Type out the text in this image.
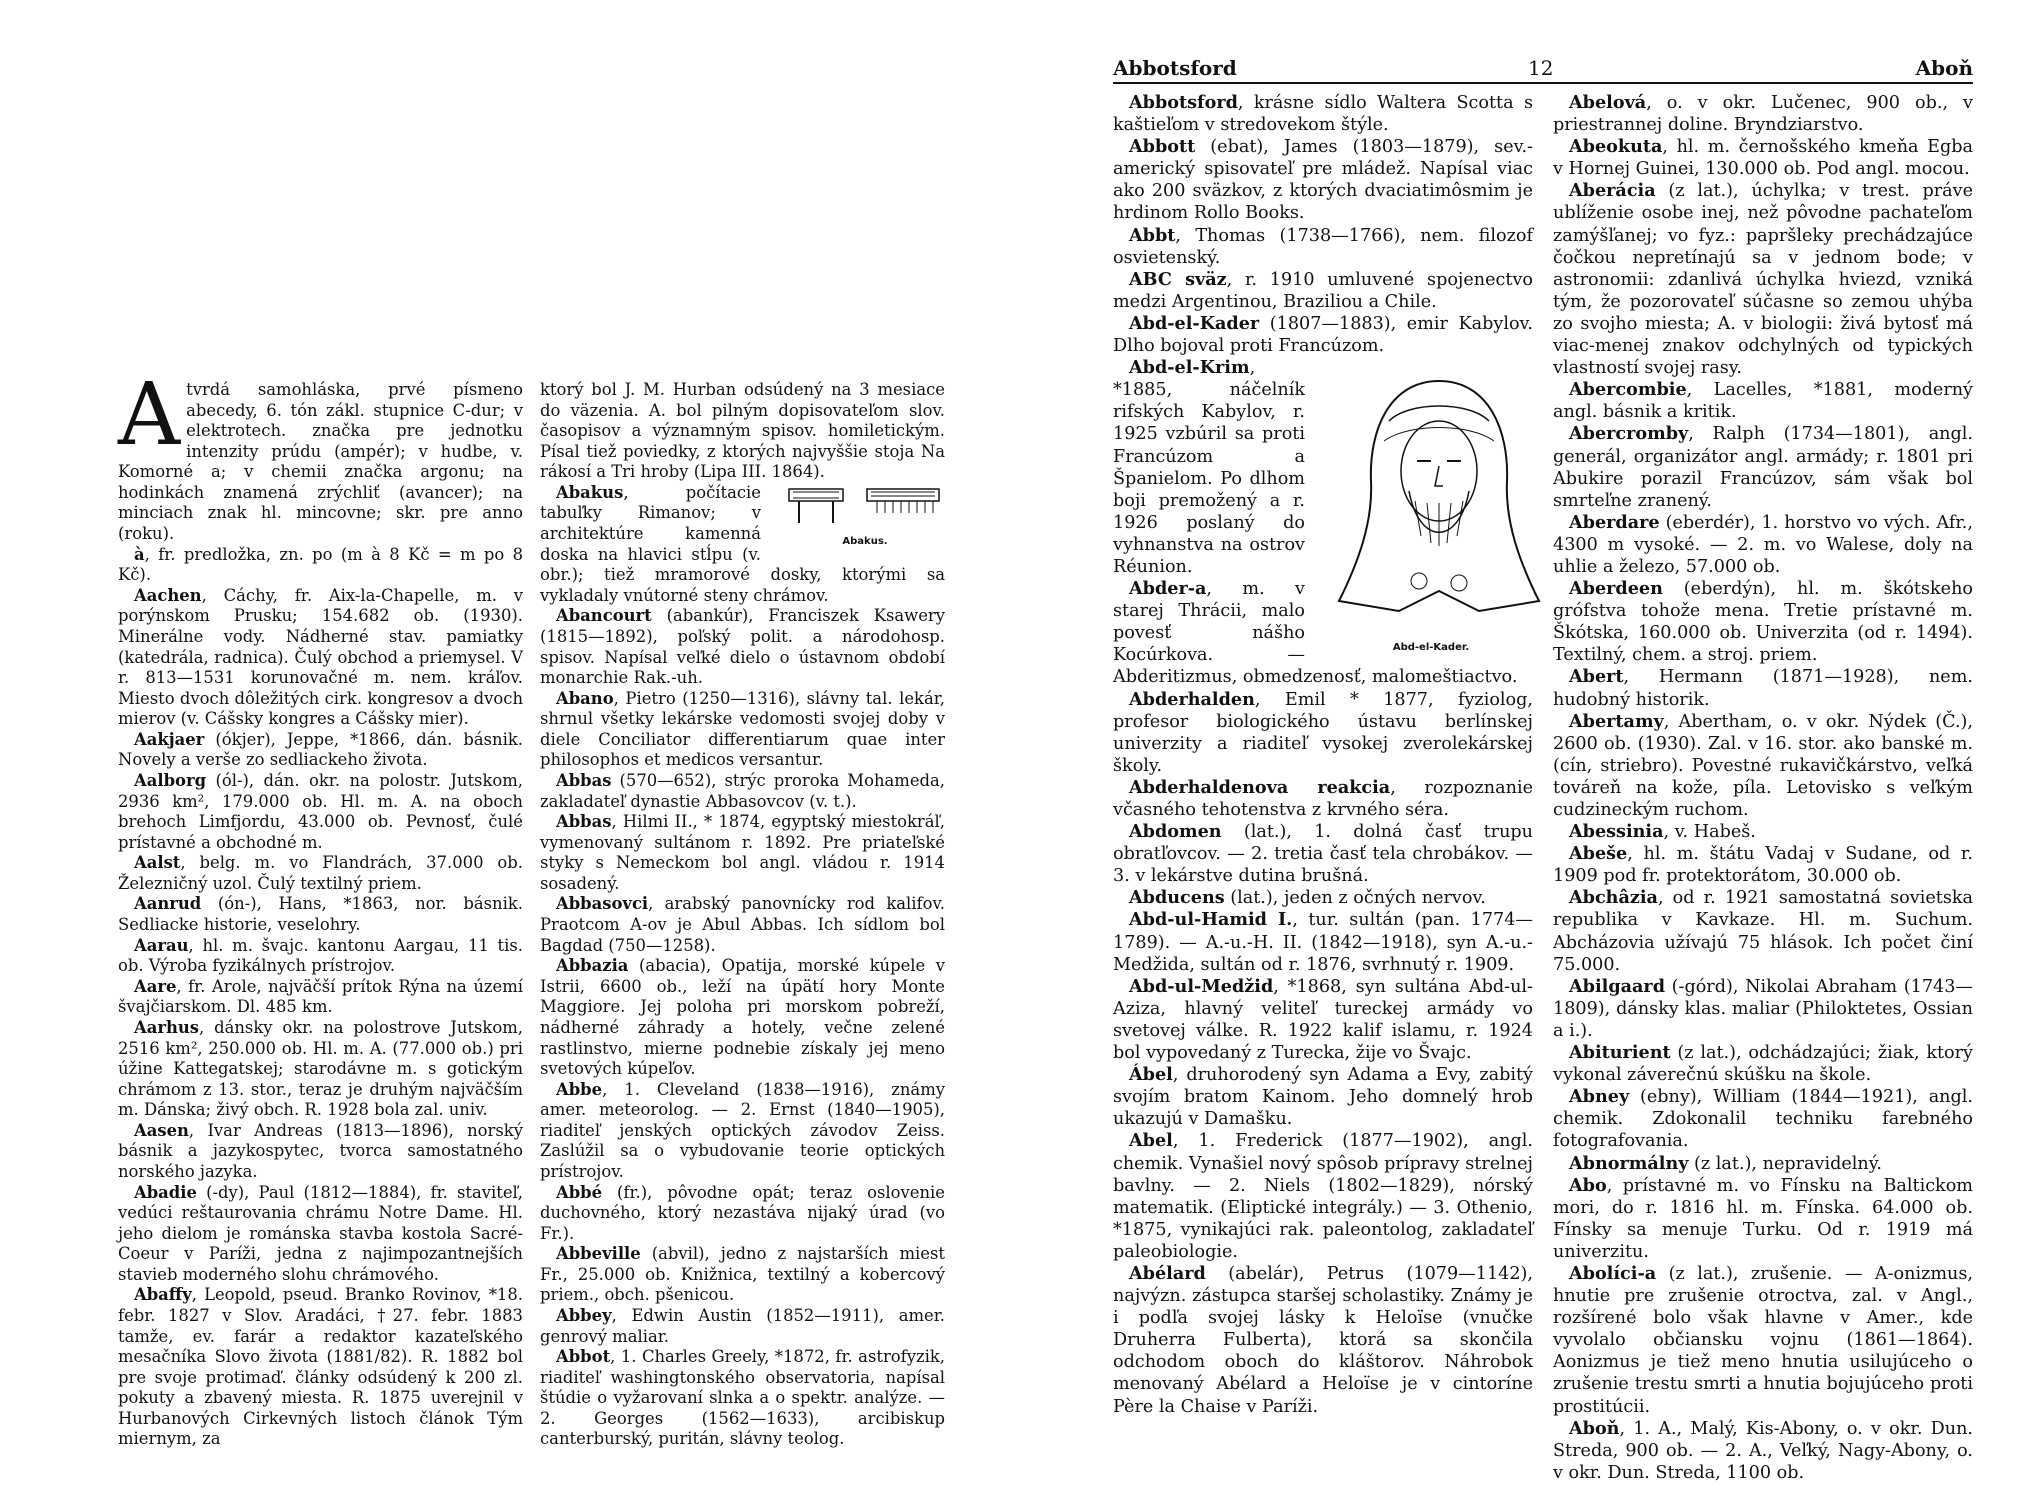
A tvrdá samohláska, prvé písmeno abecedy, 6. tón zákl. stupnice C-dur; v elektrotech. značka pre jednotku intenzity prúdu (ampér); v hudbe, v. Komorné a; v chemii značka argonu; na hodinkách znamená zrýchliť (avancer); na minciach znak hl. mincovne; skr. pre anno (roku).

à, fr. predložka, zn. po (m à 8 Kč = m po 8 Kč).

Aachen, Cáchy, fr. Aix-la-Chapelle, m. v porýnskom Prusku; 154.682 ob. (1930). Minerálne vody. Nádherné stav. pamiatky (katedrála, radnica). Čulý obchod a priemysel. V r. 813—1531 korunovačné m. nem. kráľov. Miesto dvoch dôležitých cirk. kongresov a dvoch mierov (v. Cášsky kongres a Cášsky mier).

Aakjaer (ókjer), Jeppe, *1866, dán. básnik. Novely a verše zo sedliackeho života.

Aalborg (ól-), dán. okr. na polostr. Jutskom, 2936 km², 179.000 ob. Hl. m. A. na oboch brehoch Limfjordu, 43.000 ob. Pevnosť, čulé prístavné a obchodné m.

Aalst, belg. m. vo Flandrách, 37.000 ob. Železničný uzol. Čulý textilný priem.

Aanrud (ón-), Hans, *1863, nor. básnik. Sedliacke historie, veselohry.

Aarau, hl. m. švajc. kantonu Aargau, 11 tis. ob. Výroba fyzikálnych prístrojov.

Aare, fr. Arole, najväčší prítok Rýna na území švajčiarskom. Dl. 485 km.

Aarhus, dánsky okr. na polostrove Jutskom, 2516 km², 250.000 ob. Hl. m. A. (77.000 ob.) pri úžine Kattegatskej; starodávne m. s gotickým chrámom z 13. stor., teraz je druhým najväčším m. Dánska; živý obch. R. 1928 bola zal. univ.

Aasen, Ivar Andreas (1813—1896), norský básnik a jazykospytec, tvorca samostatného norského jazyka.

Abadie (-dy), Paul (1812—1884), fr. staviteľ, vedúci reštaurovania chrámu Notre Dame. Hl. jeho dielom je románska stavba kostola Sacré-Coeur v Paríži, jedna z najimpozantnejších stavieb moderného slohu chrámového.

Abaffy, Leopold, pseud. Branko Rovinov, *18. febr. 1827 v Slov. Aradáci, †27. febr. 1883 tamže, ev. farár a redaktor kazateľského mesačníka Slovo života (1881/82). R. 1882 bol pre svoje protimaď. články odsúdený k 200 zl. pokuty a zbavený miesta. R. 1875 uverejnil v Hurbanových Cirkevných listoch článok Tým miernym, za

ktorý bol J. M. Hurban odsúdený na 3 mesiace do väzenia. A. bol pilným dopisovateľom slov. časopisov a významným spisov. homiletickým. Písal tiež poviedky, z ktorých najvyššie stoja Na rákosí a Tri hroby (Lipa III. 1864).

Abakus.
Abakus, počítacie tabuľky Rimanov; v architektúre kamenná doska na hlavici stĺpu (v. obr.); tiež mramorové dosky, ktorými sa vykladaly vnútorné steny chrámov.

Abancourt (abankúr), Franciszek Ksawery (1815—1892), poľský polit. a národohosp. spisov. Napísal veľké dielo o ústavnom období monarchie Rak.-uh.

Abano, Pietro (1250—1316), slávny tal. lekár, shrnul všetky lekárske vedomosti svojej doby v diele Conciliator differentiarum quae inter philosophos et medicos versantur.

Abbas (570—652), strýc proroka Mohameda, zakladateľ dynastie Abbasovcov (v. t.).

Abbas, Hilmi II., * 1874, egyptský miestokráľ, vymenovaný sultánom r. 1892. Pre priateľské styky s Nemeckom bol angl. vládou r. 1914 sosadený.

Abbasovci, arabský panovnícky rod kalifov. Praotcom A-ov je Abul Abbas. Ich sídlom bol Bagdad (750—1258).

Abbazia (abacia), Opatija, morské kúpele v Istrii, 6600 ob., leží na úpätí hory Monte Maggiore. Jej poloha pri morskom pobreží, nádherné záhrady a hotely, večne zelené rastlinstvo, mierne podnebie získaly jej meno svetových kúpeľov.

Abbe, 1. Cleveland (1838—1916), známy amer. meteorolog. — 2. Ernst (1840—1905), riaditeľ jenských optických závodov Zeiss. Zaslúžil sa o vybudovanie teorie optických prístrojov.

Abbé (fr.), pôvodne opát; teraz oslovenie duchovného, ktorý nezastáva nijaký úrad (vo Fr.).

Abbeville (abvil), jedno z najstarších miest Fr., 25.000 ob. Knižnica, textilný a kobercový priem., obch. pšenicou.

Abbey, Edwin Austin (1852—1911), amer. genrový maliar.

Abbot, 1. Charles Greely, *1872, fr. astrofyzik, riaditeľ washingtonského observatoria, napísal štúdie o vyžarovaní slnka a o spektr. analýze. — 2. Georges (1562—1633), arcibiskup canterburský, puritán, slávny teolog.

Abbotsford	12	Aboň

Abbotsford, krásne sídlo Waltera Scotta s kaštieľom v stredovekom štýle.

Abbott (ebat), James (1803—1879), sev.-americký spisovateľ pre mládež. Napísal viac ako 200 sväzkov, z ktorých dvaciatimôsmim je hrdinom Rollo Books.

Abbt, Thomas (1738—1766), nem. filozof osvietenský.

ABC sväz, r. 1910 umluvené spojenectvo medzi Argentinou, Braziliou a Chile.

Abd-el-Kader (1807—1883), emir Kabylov. Dlho bojoval proti Francúzom.

Abd-el-Kader.
Abd-el-Krim, *1885, náčelník rifských Kabylov, r. 1925 vzbúril sa proti Francúzom a Španielom. Po dlhom boji premožený a r. 1926 poslaný do vyhnanstva na ostrov Réunion.

Abder-a, m. v starej Thrácii, malo povesť nášho Kocúrkova. — Abderitizmus, obmedzenosť, malomeštiactvo.

Abderhalden, Emil * 1877, fyziolog, profesor biologického ústavu berlínskej univerzity a riaditeľ vysokej zverolekárskej školy.

Abderhaldenova reakcia, rozpoznanie včasného tehotenstva z krvného séra.

Abdomen (lat.), 1. dolná časť trupu obratľovcov. — 2. tretia časť tela chrobákov. — 3. v lekárstve dutina brušná.

Abducens (lat.), jeden z očných nervov.

Abd-ul-Hamid I., tur. sultán (pan. 1774—1789). — A.-u.-H. II. (1842—1918), syn A.-u.-Medžida, sultán od r. 1876, svrhnutý r. 1909.

Abd-ul-Medžid, *1868, syn sultána Abd-ul-Aziza, hlavný veliteľ tureckej armády vo svetovej válke. R. 1922 kalif islamu, r. 1924 bol vypovedaný z Turecka, žije vo Švajc.

Ábel, druhorodený syn Adama a Evy, zabitý svojím bratom Kainom. Jeho domnelý hrob ukazujú v Damašku.

Abel, 1. Frederick (1877—1902), angl. chemik. Vynašiel nový spôsob prípravy strelnej bavlny. — 2. Niels (1802—1829), nórský matematik. (Eliptické integrály.) — 3. Othenio, *1875, vynikajúci rak. paleontolog, zakladateľ paleobiologie.

Abélard (abelár), Petrus (1079—1142), najvýzn. zástupca staršej scholastiky. Známy je i podľa svojej lásky k Heloïse (vnučke Druherra Fulberta), ktorá sa skončila odchodom oboch do kláštorov. Náhrobok menovaný Abélard a Heloïse je v cintoríne Père la Chaise v Paríži.

Abelová, o. v okr. Lučenec, 900 ob., v priestrannej doline. Bryndziarstvo.

Abeokuta, hl. m. černošského kmeňa Egba v Hornej Guinei, 130.000 ob. Pod angl. mocou.

Aberácia (z lat.), úchylka; v trest. práve ublíženie osobe inej, než pôvodne pachateľom zamýšľanej; vo fyz.: papršleky prechádzajúce čočkou nepretínajú sa v jednom bode; v astronomii: zdanlivá úchylka hviezd, vzniká tým, že pozorovateľ súčasne so zemou uhýba zo svojho miesta; A. v biologii: živá bytosť má viac-menej znakov odchylných od typických vlastností svojej rasy.

Abercombie, Lacelles, *1881, moderný angl. básnik a kritik.

Abercromby, Ralph (1734—1801), angl. generál, organizátor angl. armády; r. 1801 pri Abukire porazil Francúzov, sám však bol smrteľne zranený.

Aberdare (eberdér), 1. horstvo vo vých. Afr., 4300 m vysoké. — 2. m. vo Walese, doly na uhlie a železo, 57.000 ob.

Aberdeen (eberdýn), hl. m. škótskeho grófstva tohože mena. Tretie prístavné m. Škótska, 160.000 ob. Univerzita (od r. 1494). Textilný, chem. a stroj. priem.

Abert, Hermann (1871—1928), nem. hudobný historik.

Abertamy, Abertham, o. v okr. Nýdek (Č.), 2600 ob. (1930). Zal. v 16. stor. ako banské m. (cín, striebro). Povestné rukavičkárstvo, veľká továreň na kože, píla. Letovisko s veľkým cudzineckým ruchom.

Abessinia, v. Habeš.

Abeše, hl. m. štátu Vadaj v Sudane, od r. 1909 pod fr. protektorátom, 30.000 ob.

Abchâzia, od r. 1921 samostatná sovietska republika v Kavkaze. Hl. m. Suchum. Abcházovia užívajú 75 hlások. Ich počet činí 75.000.

Abilgaard (-górd), Nikolai Abraham (1743—1809), dánsky klas. maliar (Philoktetes, Ossian a i.).

Abiturient (z lat.), odchádzajúci; žiak, ktorý vykonal záverečnú skúšku na škole.

Abney (ebny), William (1844—1921), angl. chemik. Zdokonalil techniku farebného fotografovania.

Abnormálny (z lat.), nepravidelný.

Abo, prístavné m. vo Fínsku na Baltickom mori, do r. 1816 hl. m. Fínska. 64.000 ob. Fínsky sa menuje Turku. Od r. 1919 má univerzitu.

Abolíci-a (z lat.), zrušenie. — A-onizmus, hnutie pre zrušenie otroctva, zal. v Angl., rozšírené bolo však hlavne v Amer., kde vyvolalo občiansku vojnu (1861—1864). Aonizmus je tiež meno hnutia usilujúceho o zrušenie trestu smrti a hnutia bojujúceho proti prostitúcii.

Aboň, 1. A., Malý, Kis-Abony, o. v okr. Dun. Streda, 900 ob. — 2. A., Veľký, Nagy-Abony, o. v okr. Dun. Streda, 1100 ob.
